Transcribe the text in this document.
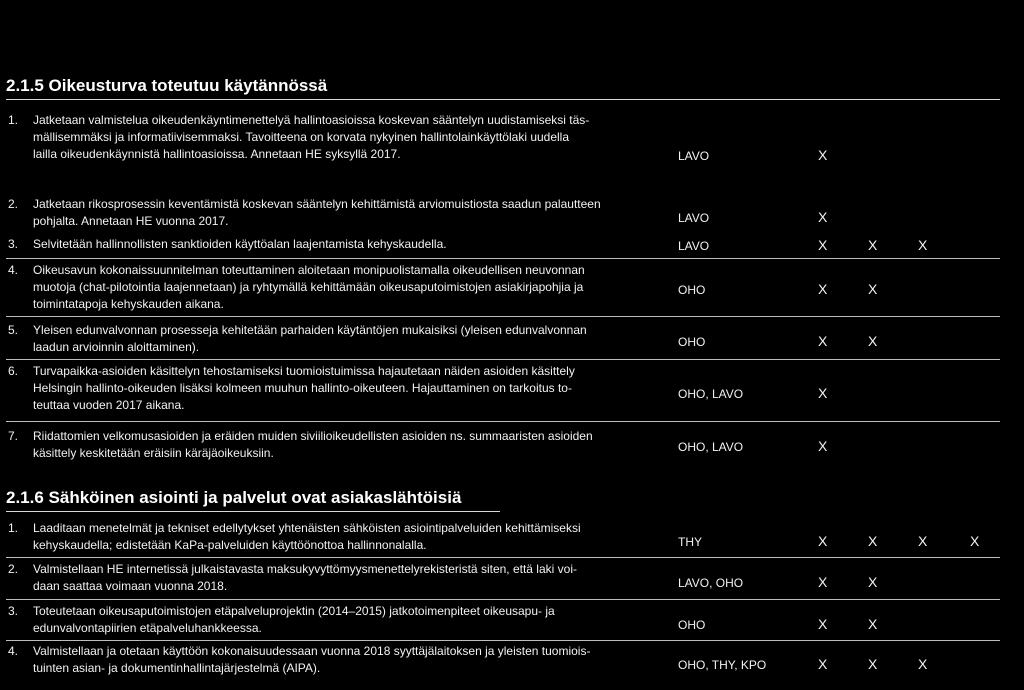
2.1.5 Oikeusturva toteutuu käytännössä
1.	Jatketaan valmistelua oikeudenkäyntimenettelyä hallintoasioissa koskevan sääntelyn uudistamiseksi täs-
mällisemmäksi ja informatiivisemmaksi. Tavoitteena on korvata nykyinen hallintolainkäyttölaki uudella
lailla oikeudenkäynnistä hallintoasioissa. Annetaan HE syksyllä 2017.	LAVO	X
2.	Jatketaan rikosprosessin keventämistä koskevan sääntelyn kehittämistä arviomuistiosta saadun palautteen
pohjalta. Annetaan HE vuonna 2017.	LAVO	X
3.	Selvitetään hallinnollisten sanktioiden käyttöalan laajentamista kehyskaudella.	LAVO	X	X	X
4.	Oikeusavun kokonaissuunnitelman toteuttaminen aloitetaan monipuolistamalla oikeudellisen neuvonnan
muotoja (chat-pilotointia laajennetaan) ja ryhtymällä kehittämään oikeusaputoimistojen asiakirjapohjia ja
toimintatapoja kehyskauden aikana.
OHO	X	X
5.	Yleisen edunvalvonnan prosesseja kehitetään parhaiden käytäntöjen mukaisiksi (yleisen edunvalvonnan
laadun arvioinnin aloittaminen).	OHO	X	X
6.	Turvapaikka-asioiden käsittelyn tehostamiseksi tuomioistuimissa hajautetaan näiden asioiden käsittely
Helsingin hallinto-oikeuden lisäksi kolmeen muuhun hallinto-oikeuteen. Hajauttaminen on tarkoitus to-
teuttaa vuoden 2017 aikana.
OHO, LAVO	X
7.	Riidattomien velkomusasioiden ja eräiden muiden siviilioikeudellisten asioiden ns. summaaristen asioiden
käsittely keskitetään eräisiin käräjäoikeuksiin.	OHO, LAVO	X
1.	Laaditaan menetelmät ja tekniset edellytykset yhtenäisten sähköisten asiointipalveluiden kehittämiseksi
kehyskaudella; edistetään KaPa-palveluiden käyttöönottoa hallinnonalalla.	THY	X	X	X	X
2.	Valmistellaan HE internetissä julkaistavasta maksukyvyttömyysmenettelyrekisteristä siten, että laki voi-
daan saattaa voimaan vuonna 2018.	LAVO, OHO	X	X
3.	Toteutetaan oikeusaputoimistojen etäpalveluprojektin (2014–2015) jatkotoimenpiteet oikeusapu- ja
edunvalvontapiirien etäpalveluhankkeessa.	OHO	X	X
4.	Valmistellaan ja otetaan käyttöön kokonaisuudessaan vuonna 2018 syyttäjälaitoksen ja yleisten tuomiois-
tuinten asian- ja dokumentinhallintajärjestelmä (AIPA).	OHO, THY, KPO	X	X	X
2.1.6 Sähköinen asiointi ja palvelut ovat asiakaslähtöisiä
